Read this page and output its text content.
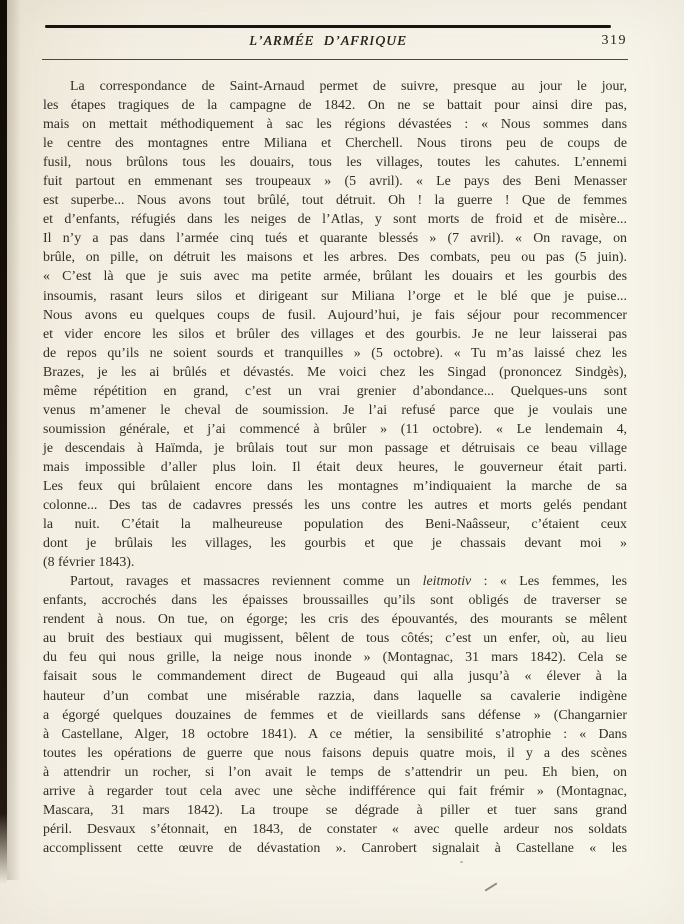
L’ARMÉE D’AFRIQUE	319
La correspondance de Saint-Arnaud permet de suivre, presque au jour le jour,
les étapes tragiques de la campagne de 1842. On ne se battait pour ainsi dire pas,
mais on mettait méthodiquement à sac les régions dévastées : « Nous sommes dans
le centre des montagnes entre Miliana et Cherchell. Nous tirons peu de coups de
fusil, nous brûlons tous les douairs, tous les villages, toutes les cahutes. L’ennemi
fuit partout en emmenant ses troupeaux » (5 avril). « Le pays des Beni Menasser
est superbe... Nous avons tout brûlé, tout détruit. Oh ! la guerre ! Que de femmes
et d’enfants, réfugiés dans les neiges de l’Atlas, y sont morts de froid et de misère...
Il n’y a pas dans l’armée cinq tués et quarante blessés » (7 avril). « On ravage, on
brûle, on pille, on détruit les maisons et les arbres. Des combats, peu ou pas (5 juin).
« C’est là que je suis avec ma petite armée, brûlant les douairs et les gourbis des
insoumis, rasant leurs silos et dirigeant sur Miliana l’orge et le blé que je puise...
Nous avons eu quelques coups de fusil. Aujourd’hui, je fais séjour pour recommencer
et vider encore les silos et brûler des villages et des gourbis. Je ne leur laisserai pas
de repos qu’ils ne soient sourds et tranquilles » (5 octobre). « Tu m’as laissé chez les
Brazes, je les ai brûlés et dévastés. Me voici chez les Singad (prononcez Sindgès),
même répétition en grand, c’est un vrai grenier d’abondance... Quelques-uns sont
venus m’amener le cheval de soumission. Je l’ai refusé parce que je voulais une
soumission générale, et j’ai commencé à brûler » (11 octobre). « Le lendemain 4,
je descendais à Haïmda, je brûlais tout sur mon passage et détruisais ce beau village
mais impossible d’aller plus loin. Il était deux heures, le gouverneur était parti.
Les feux qui brûlaient encore dans les montagnes m’indiquaient la marche de sa
colonne... Des tas de cadavres pressés les uns contre les autres et morts gelés pendant
la nuit. C’était la malheureuse population des Beni-Naâsseur, c’étaient ceux
dont je brûlais les villages, les gourbis et que je chassais devant moi »
(8 février 1843).
Partout, ravages et massacres reviennent comme un leitmotiv : « Les femmes, les
enfants, accrochés dans les épaisses broussailles qu’ils sont obligés de traverser se
rendent à nous. On tue, on égorge; les cris des épouvantés, des mourants se mêlent
au bruit des bestiaux qui mugissent, bêlent de tous côtés; c’est un enfer, où, au lieu
du feu qui nous grille, la neige nous inonde » (Montagnac, 31 mars 1842). Cela se
faisait sous le commandement direct de Bugeaud qui alla jusqu’à « élever à la
hauteur d’un combat une misérable razzia, dans laquelle sa cavalerie indigène
a égorgé quelques douzaines de femmes et de vieillards sans défense » (Changarnier
à Castellane, Alger, 18 octobre 1841). A ce métier, la sensibilité s’atrophie : « Dans
toutes les opérations de guerre que nous faisons depuis quatre mois, il y a des scènes
à attendrir un rocher, si l’on avait le temps de s’attendrir un peu. Eh bien, on
arrive à regarder tout cela avec une sèche indifférence qui fait frémir » (Montagnac,
Mascara, 31 mars 1842). La troupe se dégrade à piller et tuer sans grand
péril. Desvaux s’étonnait, en 1843, de constater « avec quelle ardeur nos soldats
accomplissent cette œuvre de dévastation ». Canrobert signalait à Castellane « les
